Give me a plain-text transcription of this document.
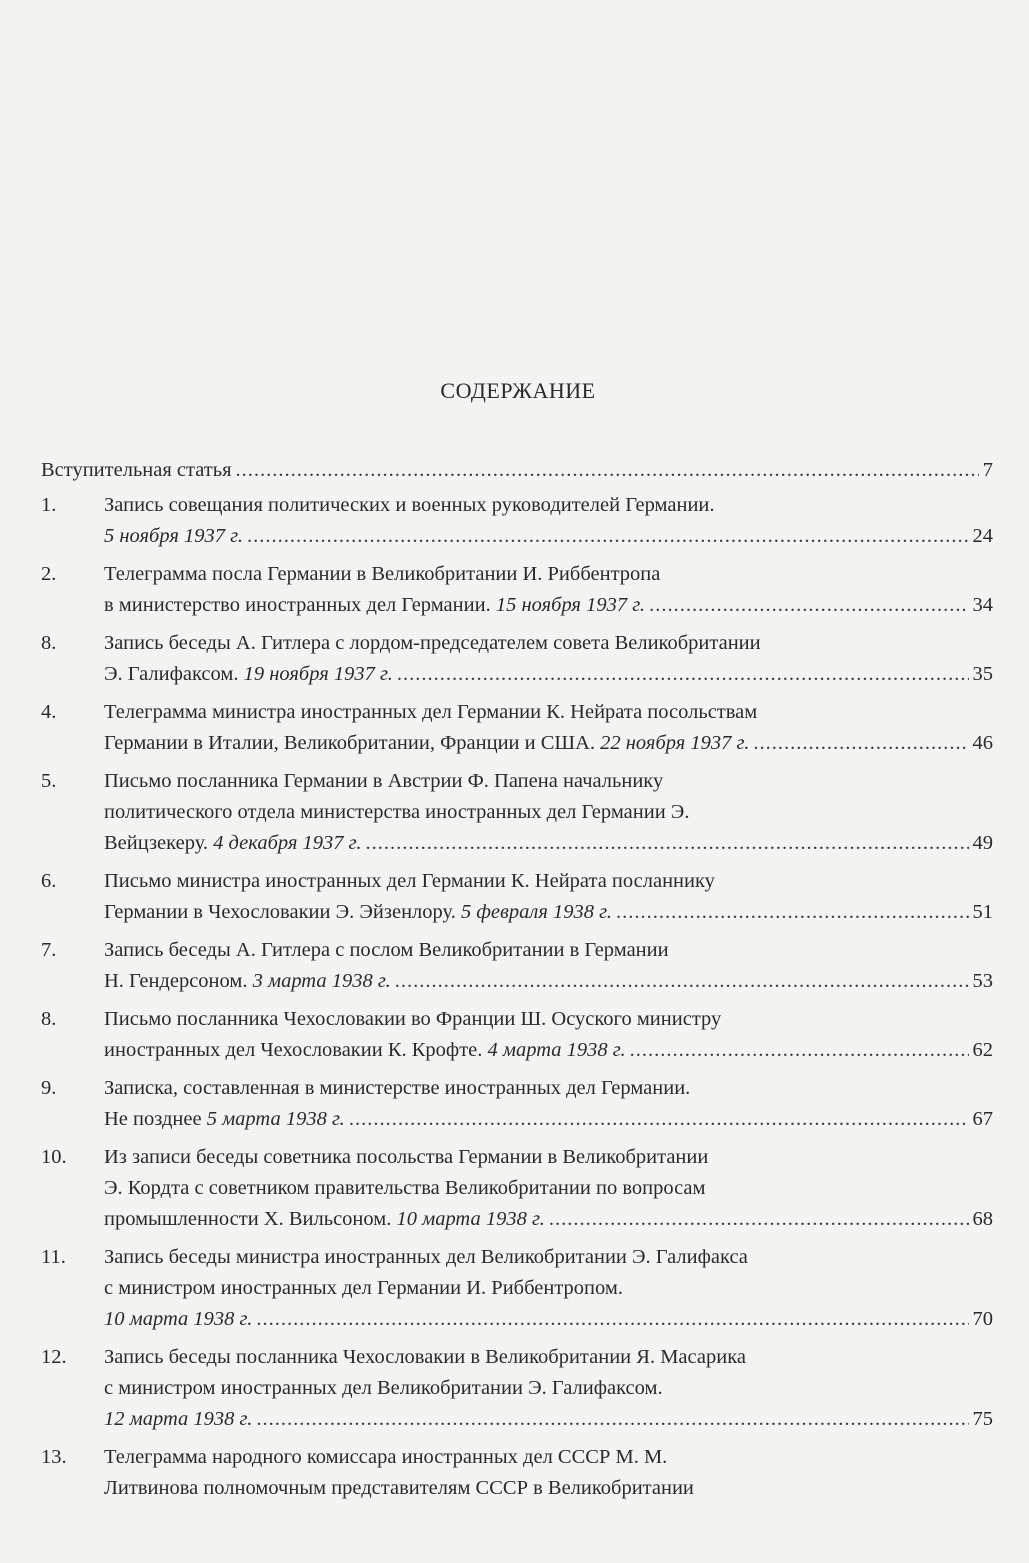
СОДЕРЖАНИЕ
Вступительная статья .....	7
1.	Запись совещания политических и военных руководителей Германии.
5 ноября 1937 г. .....	24
2.	Телеграмма посла Германии в Великобритании И. Риббентропа
в министерство иностранных дел Германии.
15 ноября 1937 г. .....	34
8.	Запись беседы А. Гитлера с лордом-председателем совета Великобритании
Э. Галифаксом.
19 ноября 1937 г. .....	35
4.	Телеграмма министра иностранных дел Германии К. Нейрата посольствам
Германии в Италии, Великобритании, Франции и США.
22 ноября 1937 г. .....	46
5.	Письмо посланника Германии в Австрии Ф. Папена начальнику
политического отдела министерства иностранных дел Германии Э.
Вейцзекеру.
4 декабря 1937 г. .....	49
6.	Письмо министра иностранных дел Германии К. Нейрата посланнику
Германии в Чехословакии Э. Эйзенлору.
5 февраля 1938 г. .....	51
7.	Запись беседы А. Гитлера с послом Великобритании в Германии
Н. Гендерсоном.
3 марта 1938 г. .....	53
8.	Письмо посланника Чехословакии во Франции Ш. Осуского министру
иностранных дел Чехословакии К. Крофте.
4 марта 1938 г. .....	62
9.	Записка, составленная в министерстве иностранных дел Германии.
Не позднее
5 марта 1938 г. .....	67
10.	Из записи беседы советника посольства Германии в Великобритании
Э. Кордта с советником правительства Великобритании по вопросам
промышленности Х. Вильсоном.
10 марта 1938 г. .....	68
11.	Запись беседы министра иностранных дел Великобритании Э. Галифакса
с министром иностранных дел Германии И. Риббентропом.
10 марта 1938 г. .....	70
12.	Запись беседы посланника Чехословакии в Великобритании Я. Масарика
с министром иностранных дел Великобритании Э. Галифаксом.
12 марта 1938 г. .....	75
13.	Телеграмма народного комиссара иностранных дел СССР М. М.
Литвинова полномочным представителям СССР в Великобритании
